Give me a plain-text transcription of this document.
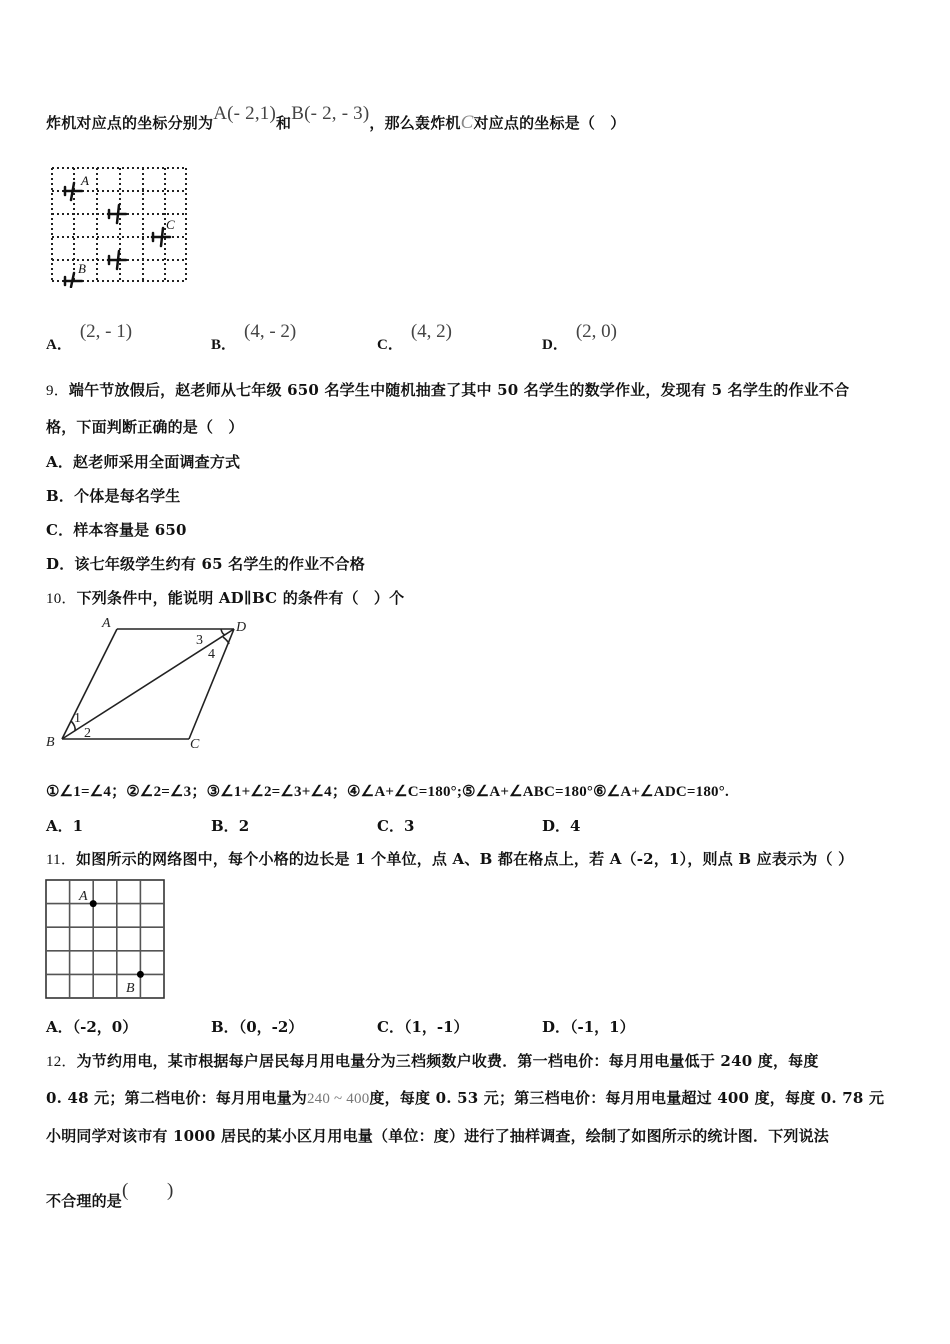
炸机对应点的坐标分别为A(- 2,1)和B(- 2, - 3)，那么轰炸机C对应点的坐标是（　）
A
B
C
A．(2, - 1)
B．(4, - 2)
C．(4, 2)
D．(2, 0)
9．端午节放假后，赵老师从七年级 650 名学生中随机抽查了其中 50 名学生的数学作业，发现有 5 名学生的作业不合
格，下面判断正确的是（　）
A．赵老师采用全面调查方式
B．个体是每名学生
C．样本容量是 650
D．该七年级学生约有 65 名学生的作业不合格
10．下列条件中，能说明 AD∥BC 的条件有（　）个
A
B	C
D
1
2
3
4
①∠1=∠4；②∠2=∠3；③∠1+∠2=∠3+∠4；④∠A+∠C=180°;⑤∠A+∠ABC=180°⑥∠A+∠ADC=180°.
A．1	B．2	C．3	D．4
11．如图所示的网络图中，每个小格的边长是 1 个单位，点 A、B 都在格点上，若 A（-2，1），则点 B 应表示为（ ）
A
B
A．（-2，0）	B．（0，-2）	C．（1，-1）	D．（-1，1）
12．为节约用电，某市根据每户居民每月用电量分为三档频数户收费．第一档电价：每月用电量低于 240 度，每度
0. 48 元；第二档电价：每月用电量为240 ~ 400度，每度 0. 53 元；第三档电价：每月用电量超过 400 度，每度 0. 78 元
小明同学对该市有 1000 居民的某小区月用电量（单位：度）进行了抽样调查，绘制了如图所示的统计图．下列说法
不合理的是(　　)
